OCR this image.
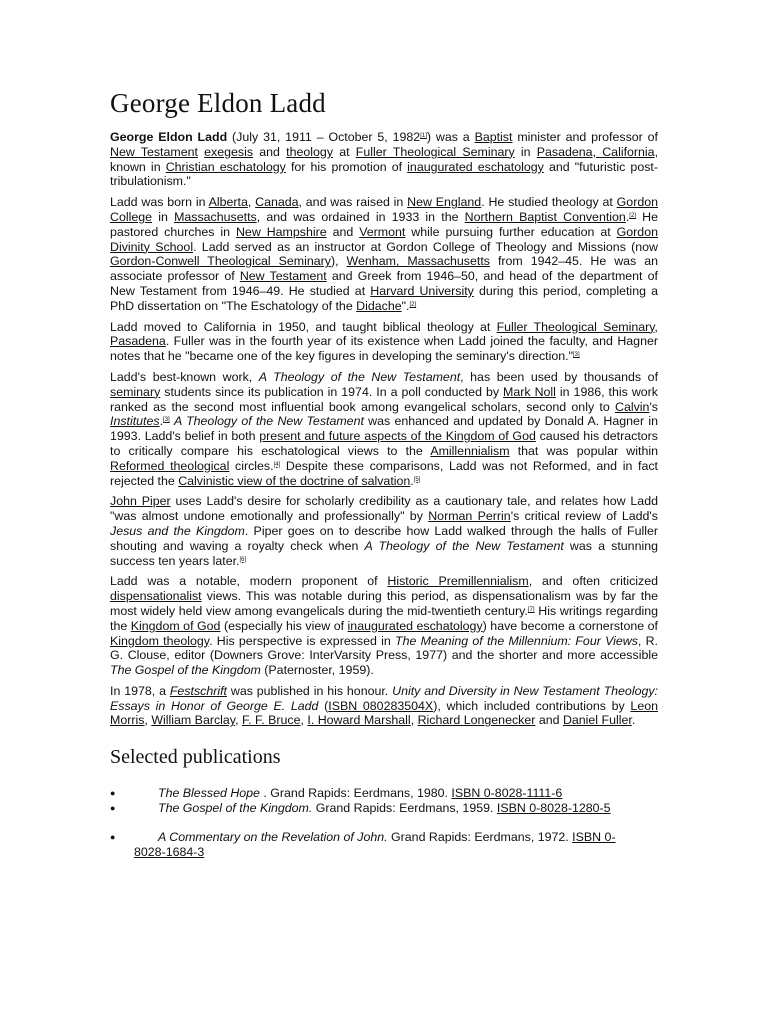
George Eldon Ladd

George Eldon Ladd (July 31, 1911 – October 5, 1982[1]) was a Baptist minister and professor of New Testament exegesis and theology at Fuller Theological Seminary in Pasadena, California, known in Christian eschatology for his promotion of inaugurated eschatology and "futuristic post-tribulationism."

Ladd was born in Alberta, Canada, and was raised in New England. He studied theology at Gordon College in Massachusetts, and was ordained in 1933 in the Northern Baptist Convention.[2] He pastored churches in New Hampshire and Vermont while pursuing further education at Gordon Divinity School. Ladd served as an instructor at Gordon College of Theology and Missions (now Gordon-Conwell Theological Seminary), Wenham, Massachusetts from 1942–45. He was an associate professor of New Testament and Greek from 1946–50, and head of the department of New Testament from 1946–49. He studied at Harvard University during this period, completing a PhD dissertation on "The Eschatology of the Didache".[2]

Ladd moved to California in 1950, and taught biblical theology at Fuller Theological Seminary, Pasadena. Fuller was in the fourth year of its existence when Ladd joined the faculty, and Hagner notes that he "became one of the key figures in developing the seminary's direction."[3]

Ladd's best-known work, A Theology of the New Testament, has been used by thousands of seminary students since its publication in 1974. In a poll conducted by Mark Noll in 1986, this work ranked as the second most influential book among evangelical scholars, second only to Calvin's Institutes.[3] A Theology of the New Testament was enhanced and updated by Donald A. Hagner in 1993. Ladd's belief in both present and future aspects of the Kingdom of God caused his detractors to critically compare his eschatological views to the Amillennialism that was popular within Reformed theological circles.[4] Despite these comparisons, Ladd was not Reformed, and in fact rejected the Calvinistic view of the doctrine of salvation.[5]

John Piper uses Ladd's desire for scholarly credibility as a cautionary tale, and relates how Ladd "was almost undone emotionally and professionally" by Norman Perrin's critical review of Ladd's Jesus and the Kingdom. Piper goes on to describe how Ladd walked through the halls of Fuller shouting and waving a royalty check when A Theology of the New Testament was a stunning success ten years later.[6]

Ladd was a notable, modern proponent of Historic Premillennialism, and often criticized dispensationalist views. This was notable during this period, as dispensationalism was by far the most widely held view among evangelicals during the mid-twentieth century.[7] His writings regarding the Kingdom of God (especially his view of inaugurated eschatology) have become a cornerstone of Kingdom theology. His perspective is expressed in The Meaning of the Millennium: Four Views, R. G. Clouse, editor (Downers Grove: InterVarsity Press, 1977) and the shorter and more accessible The Gospel of the Kingdom (Paternoster, 1959).

In 1978, a Festschrift was published in his honour. Unity and Diversity in New Testament Theology: Essays in Honor of George E. Ladd (ISBN 080283504X), which included contributions by Leon Morris, William Barclay, F. F. Bruce, I. Howard Marshall, Richard Longenecker and Daniel Fuller.

Selected publications
●	The Blessed Hope . Grand Rapids: Eerdmans, 1980. ISBN 0-8028-1111-6
●	The Gospel of the Kingdom. Grand Rapids: Eerdmans, 1959. ISBN 0-8028-1280-5
●	A Commentary on the Revelation of John. Grand Rapids: Eerdmans, 1972. ISBN 0-
8028-1684-3
